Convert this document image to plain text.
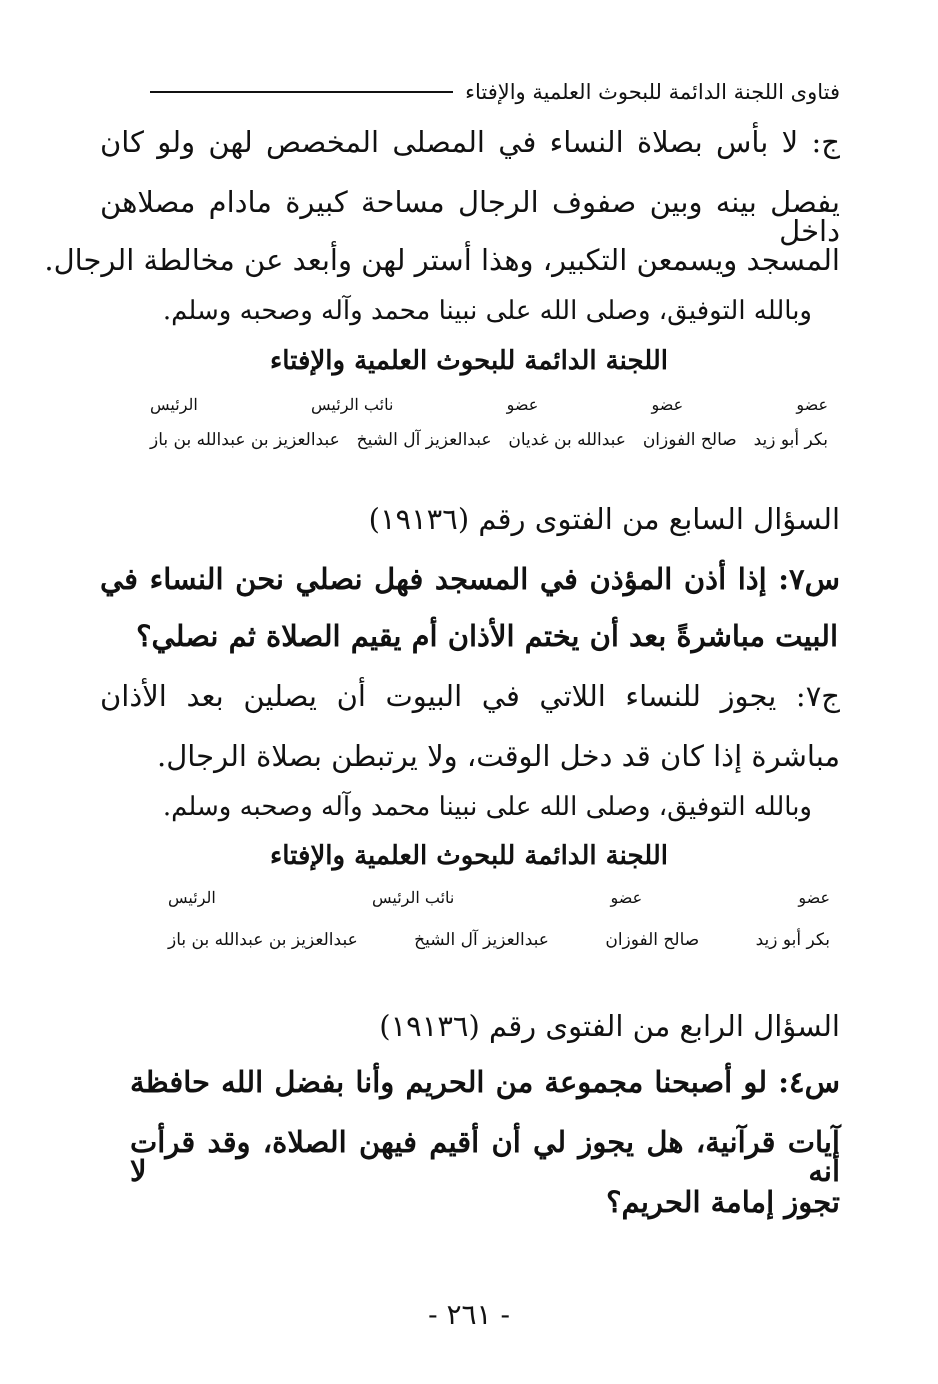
فتاوى اللجنة الدائمة للبحوث العلمية والإفتاء
ج: لا بأس بصلاة النساء في المصلى المخصص لهن ولو كان
يفصل بينه وبين صفوف الرجال مساحة كبيرة مادام مصلاهن داخل
المسجد ويسمعن التكبير، وهذا أستر لهن وأبعد عن مخالطة الرجال.
وبالله التوفيق، وصلى الله على نبينا محمد وآله وصحبه وسلم.
اللجنة الدائمة للبحوث العلمية والإفتاء
عضو
عضو
عضو
نائب الرئيس
الرئيس
بكر أبو زيد
صالح الفوزان
عبدالله بن غديان
عبدالعزيز آل الشيخ
عبدالعزيز بن عبدالله بن باز
السؤال السابع من الفتوى رقم (١٩١٣٦)
س٧: إذا أذن المؤذن في المسجد فهل نصلي نحن النساء في
البيت مباشرةً بعد أن يختم الأذان أم يقيم الصلاة ثم نصلي؟
ج٧: يجوز للنساء اللاتي في البيوت أن يصلين بعد الأذان
مباشرة إذا كان قد دخل الوقت، ولا يرتبطن بصلاة الرجال.
وبالله التوفيق، وصلى الله على نبينا محمد وآله وصحبه وسلم.
اللجنة الدائمة للبحوث العلمية والإفتاء
عضو
عضو
نائب الرئيس
الرئيس
بكر أبو زيد
صالح الفوزان
عبدالعزيز آل الشيخ
عبدالعزيز بن عبدالله بن باز
السؤال الرابع من الفتوى رقم (١٩١٣٦)
س٤: لو أصبحنا مجموعة من الحريم وأنا بفضل الله حافظة
آيات قرآنية، هل يجوز لي أن أقيم فيهن الصلاة، وقد قرأت أنه لا
تجوز إمامة الحريم؟
- ٢٦١ -
